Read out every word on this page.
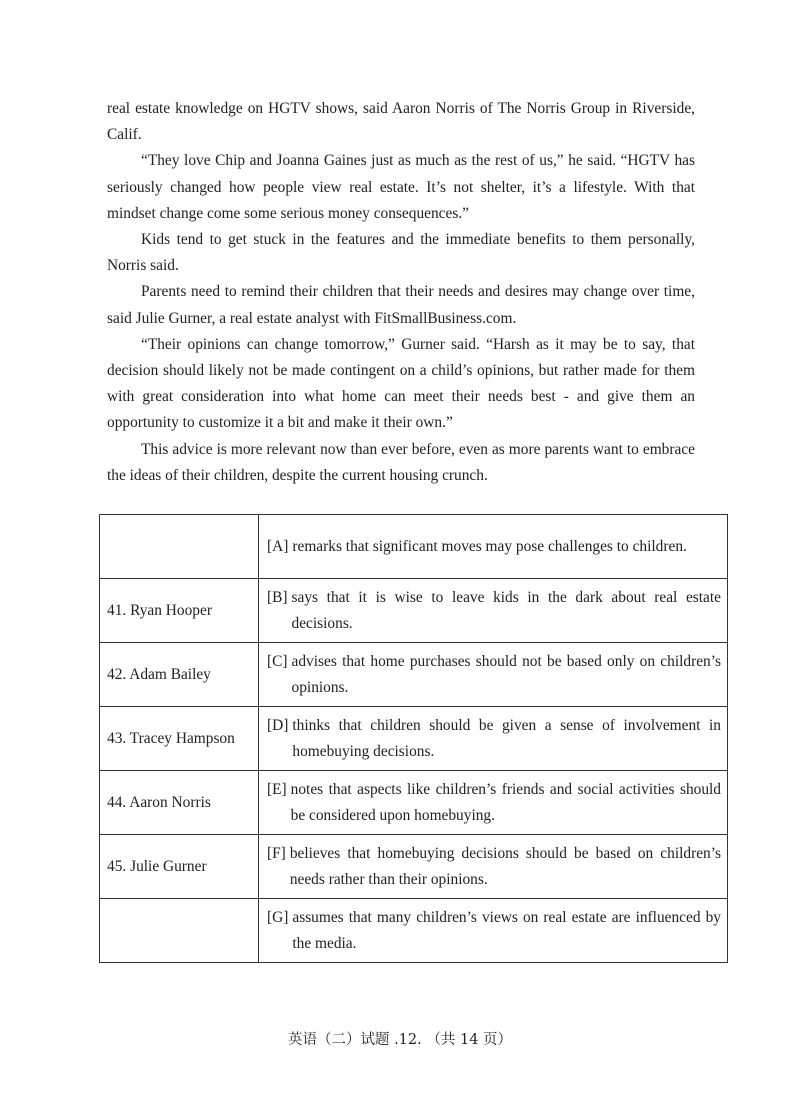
real estate knowledge on HGTV shows, said Aaron Norris of The Norris Group in Riverside, Calif.

“They love Chip and Joanna Gaines just as much as the rest of us,” he said. “HGTV has seriously changed how people view real estate. It’s not shelter, it’s a lifestyle. With that mindset change come some serious money consequences.”

Kids tend to get stuck in the features and the immediate benefits to them personally, Norris said.

Parents need to remind their children that their needs and desires may change over time, said Julie Gurner, a real estate analyst with FitSmallBusiness.com.

“Their opinions can change tomorrow,” Gurner said. “Harsh as it may be to say, that decision should likely not be made contingent on a child’s opinions, but rather made for them with great consideration into what home can meet their needs best - and give them an opportunity to customize it a bit and make it their own.”

This advice is more relevant now than ever before, even as more parents want to embrace the ideas of their children, despite the current housing crunch.

	[A] remarks that significant moves may pose challenges to children.

41. Ryan Hooper	[B] says that it is wise to leave kids in the dark about real estate decisions.

42. Adam Bailey	[C] advises that home purchases should not be based only on children’s opinions.

43. Tracey Hampson	[D] thinks that children should be given a sense of involvement in homebuying decisions.

44. Aaron Norris	[E] notes that aspects like children’s friends and social activities should be considered upon homebuying.

45. Julie Gurner	[F] believes that homebuying decisions should be based on children’s needs rather than their opinions.

	[G] assumes that many children’s views on real estate are influenced by the media.
英语（二）试题 .12. （共 14 页）
